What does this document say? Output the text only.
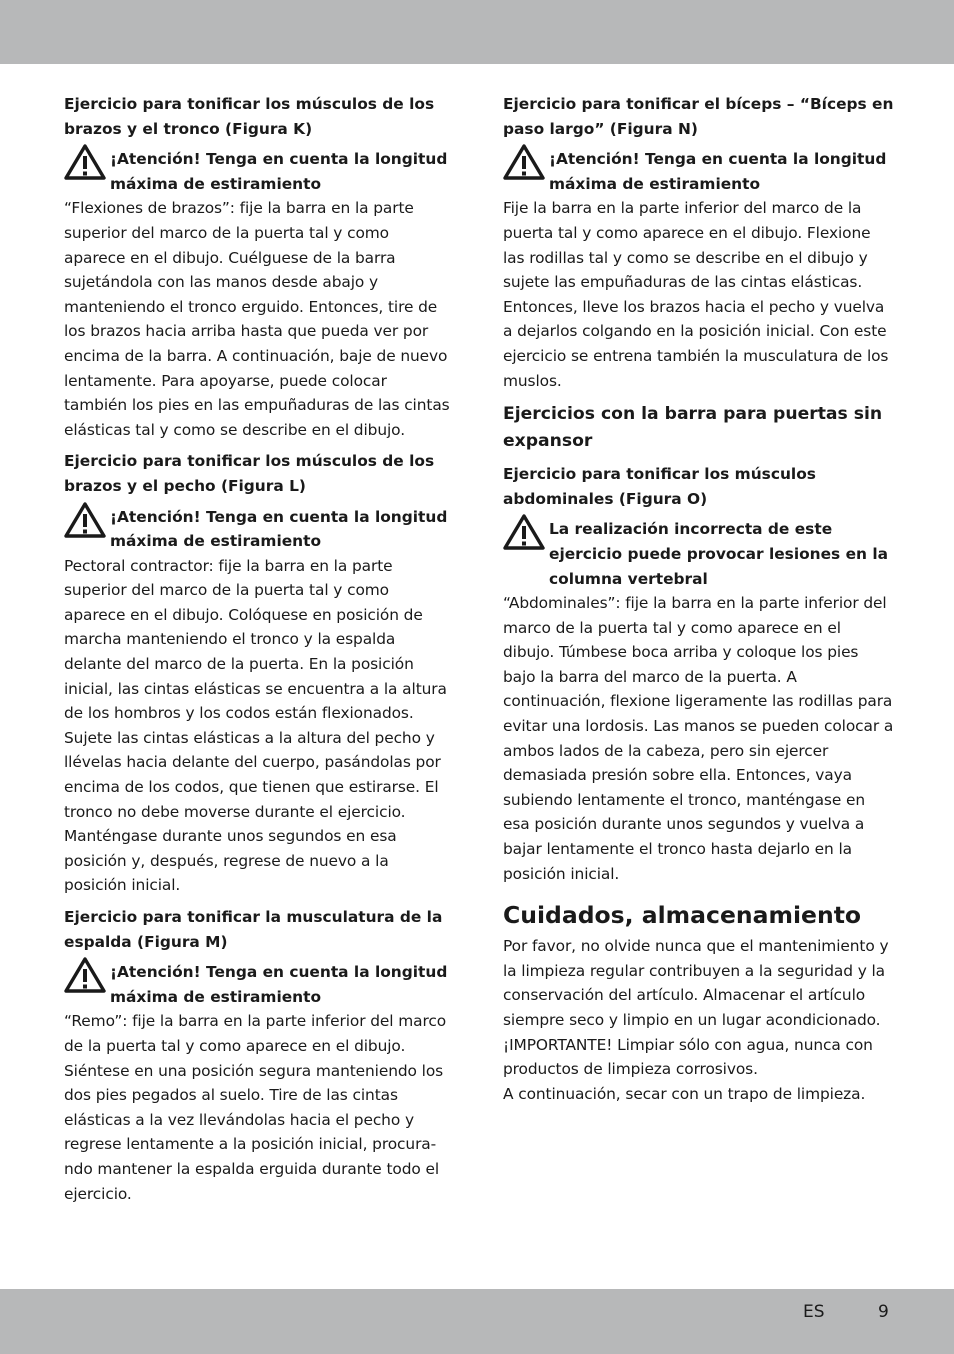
Ejercicio para tonificar los músculos de los brazos y el tronco (Figura K)

¡Atención! Tenga en cuenta la longitud máxima de estiramiento

“Flexiones de brazos”: fije la barra en la parte superior del marco de la puerta tal y como aparece en el dibujo. Cuélguese de la barra sujetándola con las manos desde abajo y manteniendo el tronco erguido. Entonces, tire de los brazos hacia arriba hasta que pueda ver por encima de la barra. A continuación, baje de nuevo lentamente. Para apoyarse, puede colocar también los pies en las empuñaduras de las cintas elásticas tal y como se describe en el dibujo.

Ejercicio para tonificar los músculos de los brazos y el pecho (Figura L)

¡Atención! Tenga en cuenta la longitud máxima de estiramiento

Pectoral contractor: fije la barra en la parte superior del marco de la puerta tal y como aparece en el dibujo. Colóquese en posición de marcha manteniendo el tronco y la espalda delante del marco de la puerta. En la posición inicial, las cintas elásticas se encuentra a la altura de los hombros y los codos están flexionados. Sujete las cintas elásticas a la altura del pecho y llévelas hacia delante del cuerpo, pasándolas por encima de los codos, que tienen que estirarse. El tronco no debe moverse durante el ejercicio. Manténgase durante unos segundos en esa posición y, después, regrese de nuevo a la posición inicial.

Ejercicio para tonificar la musculatura de la espalda (Figura M)

¡Atención! Tenga en cuenta la longitud máxima de estiramiento

“Remo”: fije la barra en la parte inferior del marco de la puerta tal y como aparece en el dibujo. Siéntese en una posición segura manteniendo los dos pies pegados al suelo. Tire de las cintas elásticas a la vez llevándolas hacia el pecho y regrese lentamente a la posición inicial, procurando mantener la espalda erguida durante todo el ejercicio.

Ejercicio para tonificar el bíceps – “Bíceps en paso largo” (Figura N)

¡Atención! Tenga en cuenta la longitud máxima de estiramiento

Fije la barra en la parte inferior del marco de la puerta tal y como aparece en el dibujo. Flexione las rodillas tal y como se describe en el dibujo y sujete las empuñaduras de las cintas elásticas. Entonces, lleve los brazos hacia el pecho y vuelva a dejarlos colgando en la posición inicial. Con este ejercicio se entrena también la musculatura de los muslos.

Ejercicios con la barra para puertas sin expansor

Ejercicio para tonificar los músculos abdominales (Figura O)

La realización incorrecta de este ejercicio puede provocar lesiones en la columna vertebral

“Abdominales”: fije la barra en la parte inferior del marco de la puerta tal y como aparece en el dibujo. Túmbese boca arriba y coloque los pies bajo la barra del marco de la puerta. A continuación, flexione ligeramente las rodillas para evitar una lordosis. Las manos se pueden colocar a ambos lados de la cabeza, pero sin ejercer demasiada presión sobre ella. Entonces, vaya subiendo lentamente el tronco, manténgase en esa posición durante unos segundos y vuelva a bajar lentamente el tronco hasta dejarlo en la posición inicial.

Cuidados, almacenamiento

Por favor, no olvide nunca que el mantenimiento y la limpieza regular contribuyen a la seguridad y la conservación del artículo. Almacenar el artículo siempre seco y limpio en un lugar acondicionado.

¡IMPORTANTE! Limpiar sólo con agua, nunca con productos de limpieza corrosivos.

A continuación, secar con un trapo de limpieza.

ES	9
